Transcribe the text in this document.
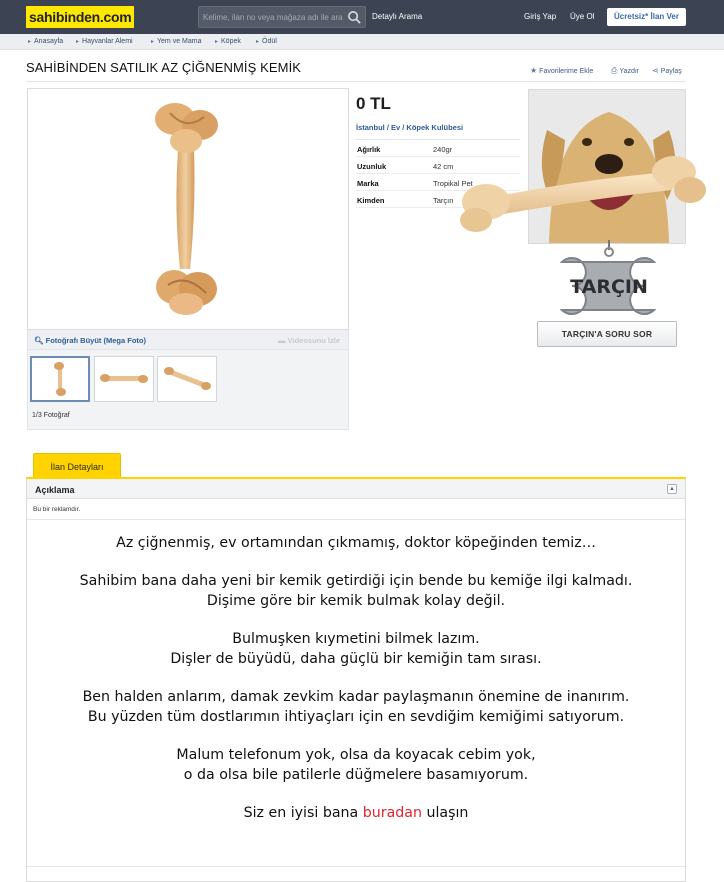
sahibinden.com
Kelime, ilan no veya mağaza adı ile ara	Detaylı Arama	Giriş Yap Üye Ol	Ücretsiz* İlan Ver
▸ Anasayfa ▸ Hayvanlar Alemi	▸ Yem ve Mama ▸ Köpek	▸ Ödül
SAHİBİNDEN SATILIK AZ ÇİĞNENMİŞ KEMİK	★ Favorilerime Ekle ⎙ Yazdır ⋖ Paylaş
🔍︎ Fotoğrafı Büyüt (Mega Foto)	▬ Videosunu İzle
1/3 Fotoğraf
0 TL
İstanbul / Ev / Köpek Kulübesi
Ağırlık	240gr
Uzunluk	42 cm
Marka	Tropikal Pet
Kimden	Tarçın
TARÇIN
TARÇIN'A SORU SOR
İlan Detayları
Açıklama	▲
Bu bir reklamdır.

Az çiğnenmiş, ev ortamından çıkmamış, doktor köpeğinden temiz…

Sahibim bana daha yeni bir kemik getirdiği için bende bu kemiğe ilgi kalmadı.

Dişime göre bir kemik bulmak kolay değil.

Bulmuşken kıymetini bilmek lazım.

Dişler de büyüdü, daha güçlü bir kemiğin tam sırası.

Ben halden anlarım, damak zevkim kadar paylaşmanın önemine de inanırım.

Bu yüzden tüm dostlarımın ihtiyaçları için en sevdiğim kemiğimi satıyorum.

Malum telefonum yok, olsa da koyacak cebim yok,

o da olsa bile patilerle düğmelere basamıyorum.

Siz en iyisi bana buradan ulaşın
